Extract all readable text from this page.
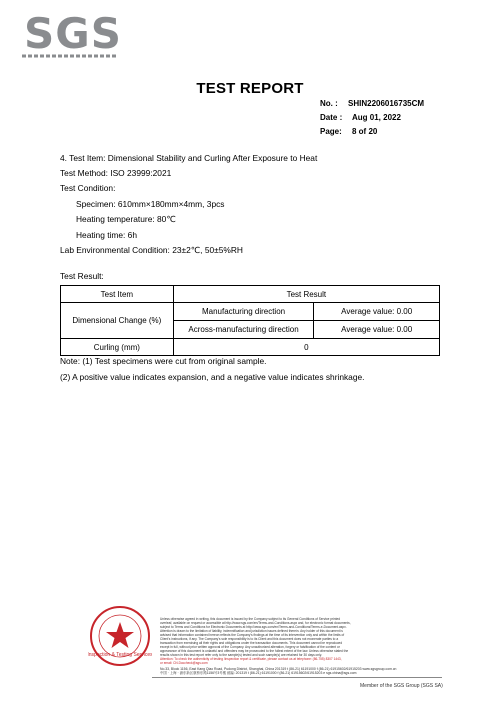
SGS
TEST REPORT
No. : SHIN2206016735CM
Date : Aug 01, 2022
Page: 8 of 20
4. Test Item: Dimensional Stability and Curling After Exposure to Heat
Test Method: ISO 23999:2021
Test Condition:
Specimen: 610mm×180mm×4mm, 3pcs
Heating temperature: 80℃
Heating time: 6h
Lab Environmental Condition: 23±2℃, 50±5%RH
Test Result:
Test Item	Test Result	
Dimensional Change (%)	Manufacturing direction	Average value: 0.00
	Across-manufacturing direction	Average value: 0.00
Curling (mm)	0	
Note: (1) Test specimens were cut from original sample.
(2) A positive value indicates expansion, and a negative value indicates shrinkage.
Inspection & Testing Services
Unless otherwise agreed in writing, this document is issued by the Company subject to its General Conditions of Service printed
overleaf, available on request or accessible at http://www.sgs.com/en/Terms-and-Conditions.aspx and, for electronic format documents,
subject to Terms and Conditions for Electronic Documents at http://www.sgs.com/en/Terms-and-Conditions/Terms-e-Document.aspx.
Attention is drawn to the limitation of liability, indemnification and jurisdiction issues defined therein. Any holder of this document is
advised that information contained hereon reflects the Company's findings at the time of its intervention only and within the limits of
Client's instructions, if any. The Company's sole responsibility is to its Client and this document does not exonerate parties to a
transaction from exercising all their rights and obligations under the transaction documents. This document cannot be reproduced
except in full, without prior written approval of the Company. Any unauthorized alteration, forgery or falsification of the content or
appearance of this document is unlawful and offenders may be prosecuted to the fullest extent of the law. Unless otherwise stated the
results shown in this test report refer only to the sample(s) tested and such sample(s) are retained for 30 days only.
Attention: To check the authenticity of testing /inspection report & certificate, please contact us at telephone: (86-755) 8307 1443,
or email: CN.Doccheck@sgs.com
No.33, Block 1156, East Kang Qiao Road, Pudong District, Shanghai, China 201319 t (86-21) 61191000 f (86-21) 61915602/61915203 www.sgsgroup.com.cn
中国 · 上海 · 浦东新区康桥东路1156号3号楼 邮编: 201319 t (86-21) 61191000 f (86-21) 61915602/61915203 e sgs.china@sgs.com
Member of the SGS Group (SGS SA)
